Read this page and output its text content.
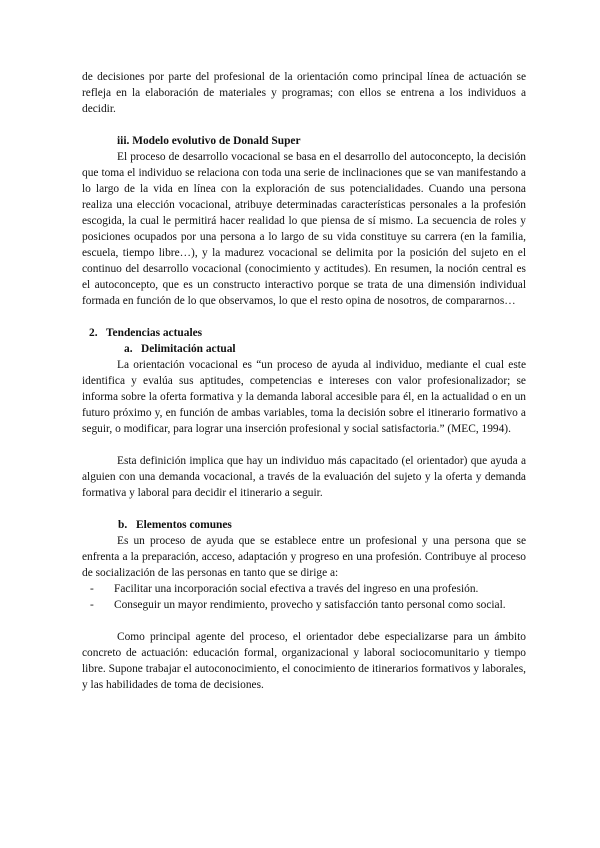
de decisiones por parte del profesional de la orientación como principal línea de actuación se refleja en la elaboración de materiales y programas; con ellos se entrena a los individuos a decidir.

iii. Modelo evolutivo de Donald Super

El proceso de desarrollo vocacional se basa en el desarrollo del autoconcepto, la decisión que toma el individuo se relaciona con toda una serie de inclinaciones que se van manifestando a lo largo de la vida en línea con la exploración de sus potencialidades. Cuando una persona realiza una elección vocacional, atribuye determinadas características personales a la profesión escogida, la cual le permitirá hacer realidad lo que piensa de sí mismo. La secuencia de roles y posiciones ocupados por una persona a lo largo de su vida constituye su carrera (en la familia, escuela, tiempo libre…), y la madurez vocacional se delimita por la posición del sujeto en el continuo del desarrollo vocacional (conocimiento y actitudes). En resumen, la noción central es el autoconcepto, que es un constructo interactivo porque se trata de una dimensión individual formada en función de lo que observamos, lo que el resto opina de nosotros, de compararnos…

2. Tendencias actuales
a. Delimitación actual

La orientación vocacional es “un proceso de ayuda al individuo, mediante el cual este identifica y evalúa sus aptitudes, competencias e intereses con valor profesionalizador; se informa sobre la oferta formativa y la demanda laboral accesible para él, en la actualidad o en un futuro próximo y, en función de ambas variables, toma la decisión sobre el itinerario formativo a seguir, o modificar, para lograr una inserción profesional y social satisfactoria.” (MEC, 1994).

Esta definición implica que hay un individuo más capacitado (el orientador) que ayuda a alguien con una demanda vocacional, a través de la evaluación del sujeto y la oferta y demanda formativa y laboral para decidir el itinerario a seguir.

b. Elementos comunes

Es un proceso de ayuda que se establece entre un profesional y una persona que se enfrenta a la preparación, acceso, adaptación y progreso en una profesión. Contribuye al proceso de socialización de las personas en tanto que se dirige a:

-	Facilitar una incorporación social efectiva a través del ingreso en una profesión.
-	Conseguir un mayor rendimiento, provecho y satisfacción tanto personal como social.

Como principal agente del proceso, el orientador debe especializarse para un ámbito concreto de actuación: educación formal, organizacional y laboral sociocomunitario y tiempo libre. Supone trabajar el autoconocimiento, el conocimiento de itinerarios formativos y laborales, y las habilidades de toma de decisiones.
